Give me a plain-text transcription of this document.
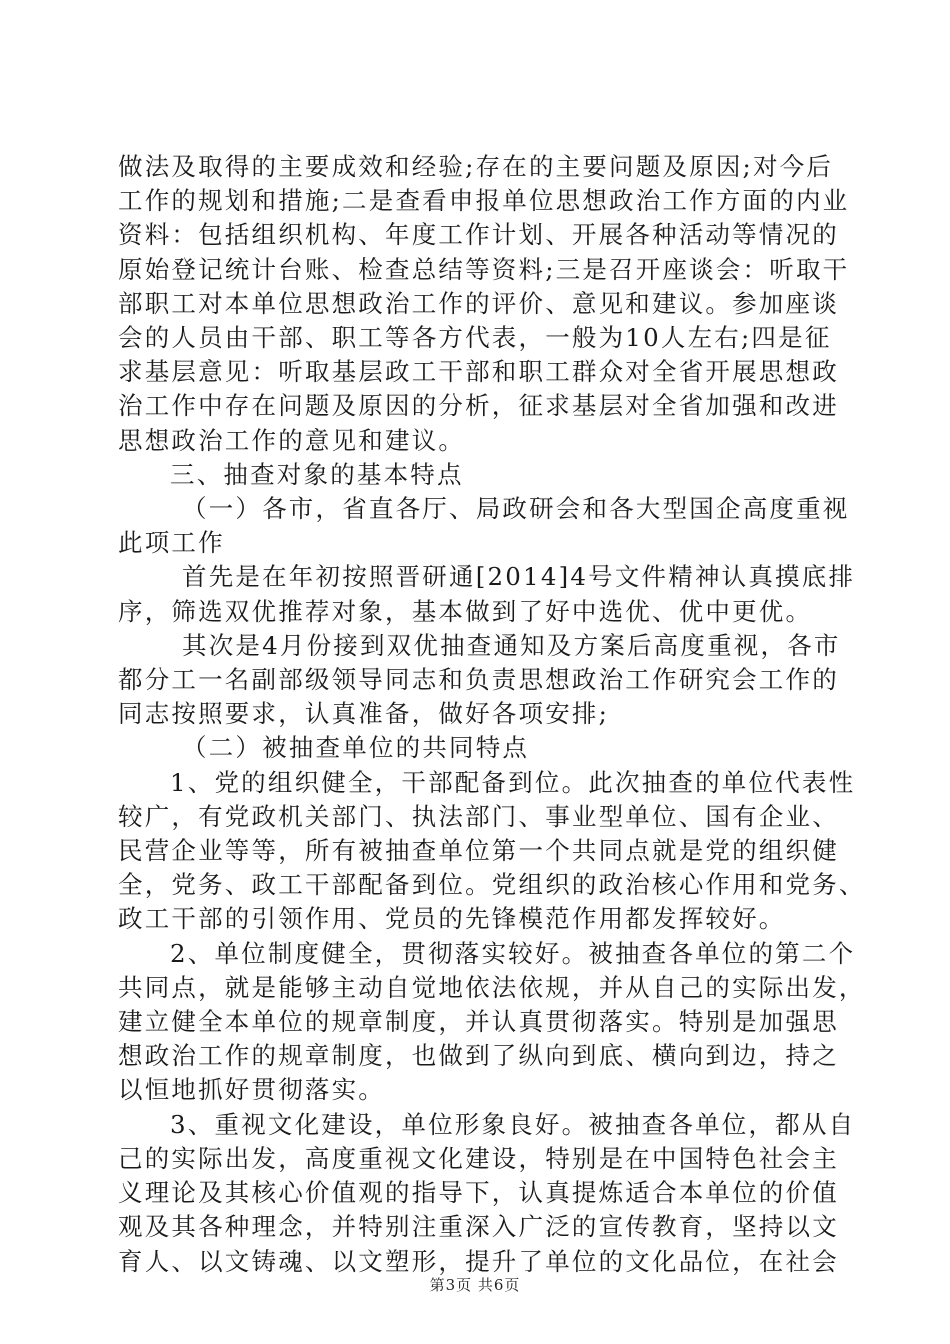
做法及取得的主要成效和经验;存在的主要问题及原因;对今后

工作的规划和措施;二是查看申报单位思想政治工作方面的内业

资料：包括组织机构、年度工作计划、开展各种活动等情况的

原始登记统计台账、检查总结等资料;三是召开座谈会：听取干

部职工对本单位思想政治工作的评价、意见和建议。参加座谈

会的人员由干部、职工等各方代表，一般为10人左右;四是征

求基层意见：听取基层政工干部和职工群众对全省开展思想政

治工作中存在问题及原因的分析，征求基层对全省加强和改进

思想政治工作的意见和建议。

三、抽查对象的基本特点

（一）各市，省直各厅、局政研会和各大型国企高度重视

此项工作

首先是在年初按照晋研通[2014]4号文件精神认真摸底排

序，筛选双优推荐对象，基本做到了好中选优、优中更优。

其次是4月份接到双优抽查通知及方案后高度重视，各市

都分工一名副部级领导同志和负责思想政治工作研究会工作的

同志按照要求，认真准备，做好各项安排;

（二）被抽查单位的共同特点

1、党的组织健全，干部配备到位。此次抽查的单位代表性

较广，有党政机关部门、执法部门、事业型单位、国有企业、

民营企业等等，所有被抽查单位第一个共同点就是党的组织健

全，党务、政工干部配备到位。党组织的政治核心作用和党务、

政工干部的引领作用、党员的先锋模范作用都发挥较好。

2、单位制度健全，贯彻落实较好。被抽查各单位的第二个

共同点，就是能够主动自觉地依法依规，并从自己的实际出发，

建立健全本单位的规章制度，并认真贯彻落实。特别是加强思

想政治工作的规章制度，也做到了纵向到底、横向到边，持之

以恒地抓好贯彻落实。

3、重视文化建设，单位形象良好。被抽查各单位，都从自

己的实际出发，高度重视文化建设，特别是在中国特色社会主

义理论及其核心价值观的指导下，认真提炼适合本单位的价值

观及其各种理念，并特别注重深入广泛的宣传教育，坚持以文

育人、以文铸魂、以文塑形，提升了单位的文化品位，在社会

第3页 共6页
